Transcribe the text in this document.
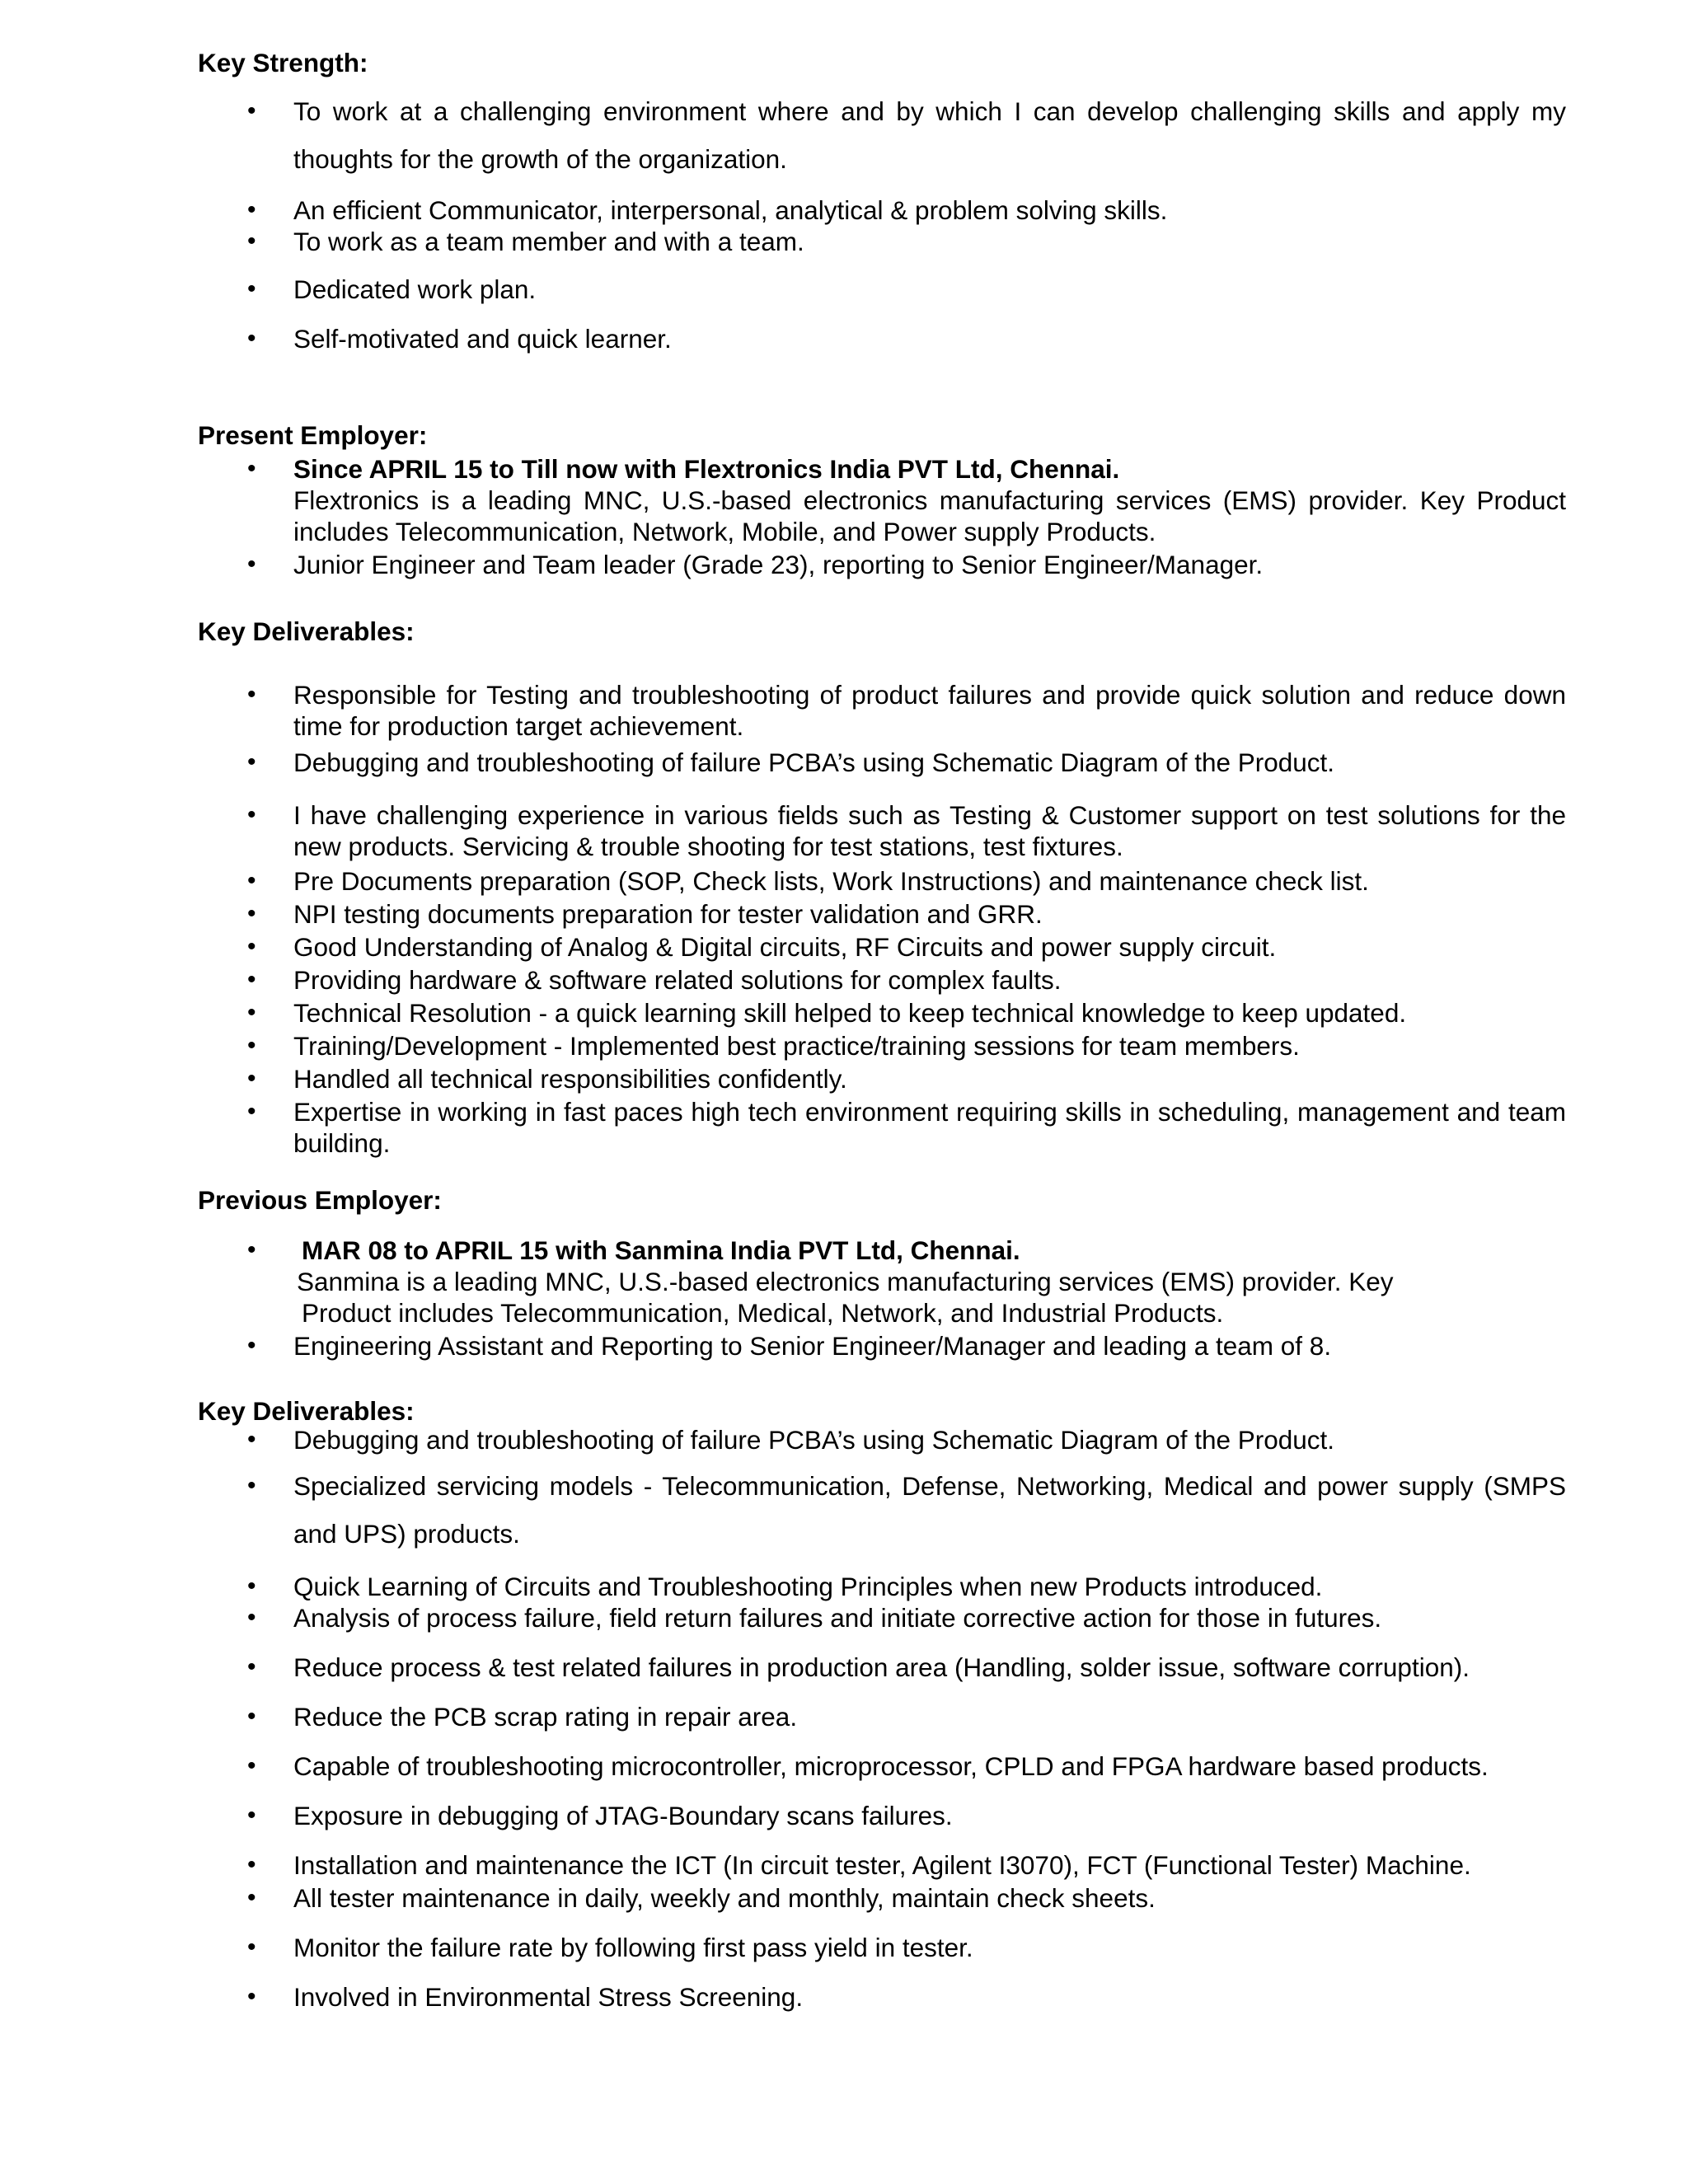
Key Strength:
• To work at a challenging environment where and by which I can develop challenging skills and apply my thoughts for the growth of the organization.
• An efficient Communicator, interpersonal, analytical & problem solving skills.
• To work as a team member and with a team.
• Dedicated work plan.
• Self-motivated and quick learner.
Present Employer:
• Since APRIL 15 to Till now with Flextronics India PVT Ltd, Chennai.
Flextronics is a leading MNC, U.S.-based electronics manufacturing services (EMS) provider. Key Product includes Telecommunication, Network, Mobile, and Power supply Products.
• Junior Engineer and Team leader (Grade 23), reporting to Senior Engineer/Manager.
Key Deliverables:
• Responsible for Testing and troubleshooting of product failures and provide quick solution and reduce down time for production target achievement.
• Debugging and troubleshooting of failure PCBA’s using Schematic Diagram of the Product.
• I have challenging experience in various fields such as Testing & Customer support on test solutions for the new products. Servicing & trouble shooting for test stations, test fixtures.
• Pre Documents preparation (SOP, Check lists, Work Instructions) and maintenance check list.
• NPI testing documents preparation for tester validation and GRR.
• Good Understanding of Analog & Digital circuits, RF Circuits and power supply circuit.
• Providing hardware & software related solutions for complex faults.
• Technical Resolution - a quick learning skill helped to keep technical knowledge to keep updated.
• Training/Development - Implemented best practice/training sessions for team members.
• Handled all technical responsibilities confidently.
• Expertise in working in fast paces high tech environment requiring skills in scheduling, management and team building.
Previous Employer:
• MAR 08 to APRIL 15 with Sanmina India PVT Ltd, Chennai.
Sanmina is a leading MNC, U.S.-based electronics manufacturing services (EMS) provider. Key
Product includes Telecommunication, Medical, Network, and Industrial Products.
• Engineering Assistant and Reporting to Senior Engineer/Manager and leading a team of 8.
Key Deliverables:
• Debugging and troubleshooting of failure PCBA’s using Schematic Diagram of the Product.
• Specialized servicing models - Telecommunication, Defense, Networking, Medical and power supply (SMPS and UPS) products.
• Quick Learning of Circuits and Troubleshooting Principles when new Products introduced.
• Analysis of process failure, field return failures and initiate corrective action for those in futures.
• Reduce process & test related failures in production area (Handling, solder issue, software corruption).
• Reduce the PCB scrap rating in repair area.
• Capable of troubleshooting microcontroller, microprocessor, CPLD and FPGA hardware based products.
• Exposure in debugging of JTAG-Boundary scans failures.
• Installation and maintenance the ICT (In circuit tester, Agilent I3070), FCT (Functional Tester) Machine.
• All tester maintenance in daily, weekly and monthly, maintain check sheets.
• Monitor the failure rate by following first pass yield in tester.
• Involved in Environmental Stress Screening.
